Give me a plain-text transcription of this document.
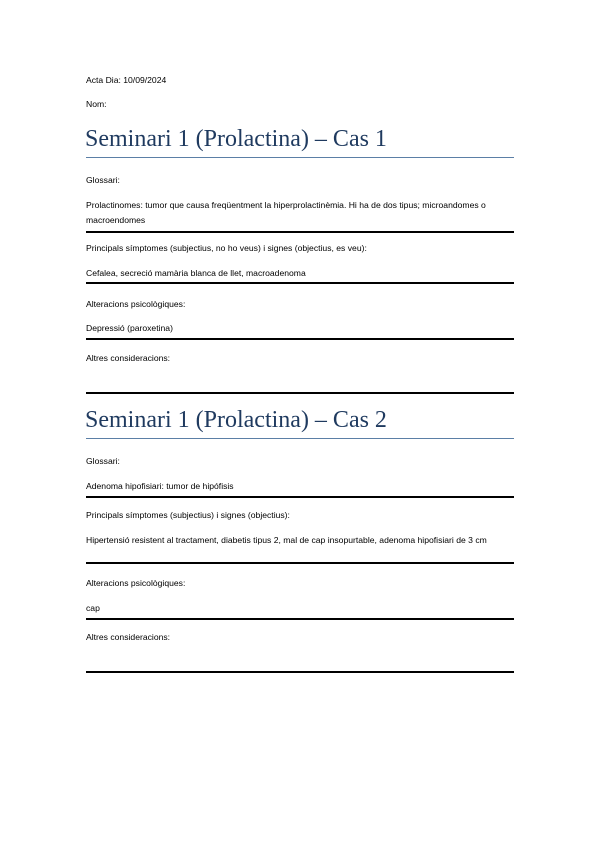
Acta Dia: 10/09/2024
Nom:
Seminari 1 (Prolactina) – Cas 1
Glossari:
Prolactinomes: tumor que causa freqüentment la hiperprolactinèmia. Hi ha de dos tipus; microandomes o macroendomes
Principals símptomes (subjectius, no ho veus) i signes (objectius, es veu):
Cefalea, secreció mamària blanca de llet, macroadenoma
Alteracions psicològiques:
Depressió (paroxetina)
Altres consideracions:
Seminari 1 (Prolactina) – Cas 2
Glossari:
Adenoma hipofisiari: tumor de hipófisis
Principals símptomes (subjectius) i signes (objectius):
Hipertensió resistent al tractament, diabetis tipus 2, mal de cap insopurtable, adenoma hipofisiari de 3 cm
Alteracions psicològiques:
cap
Altres consideracions:
